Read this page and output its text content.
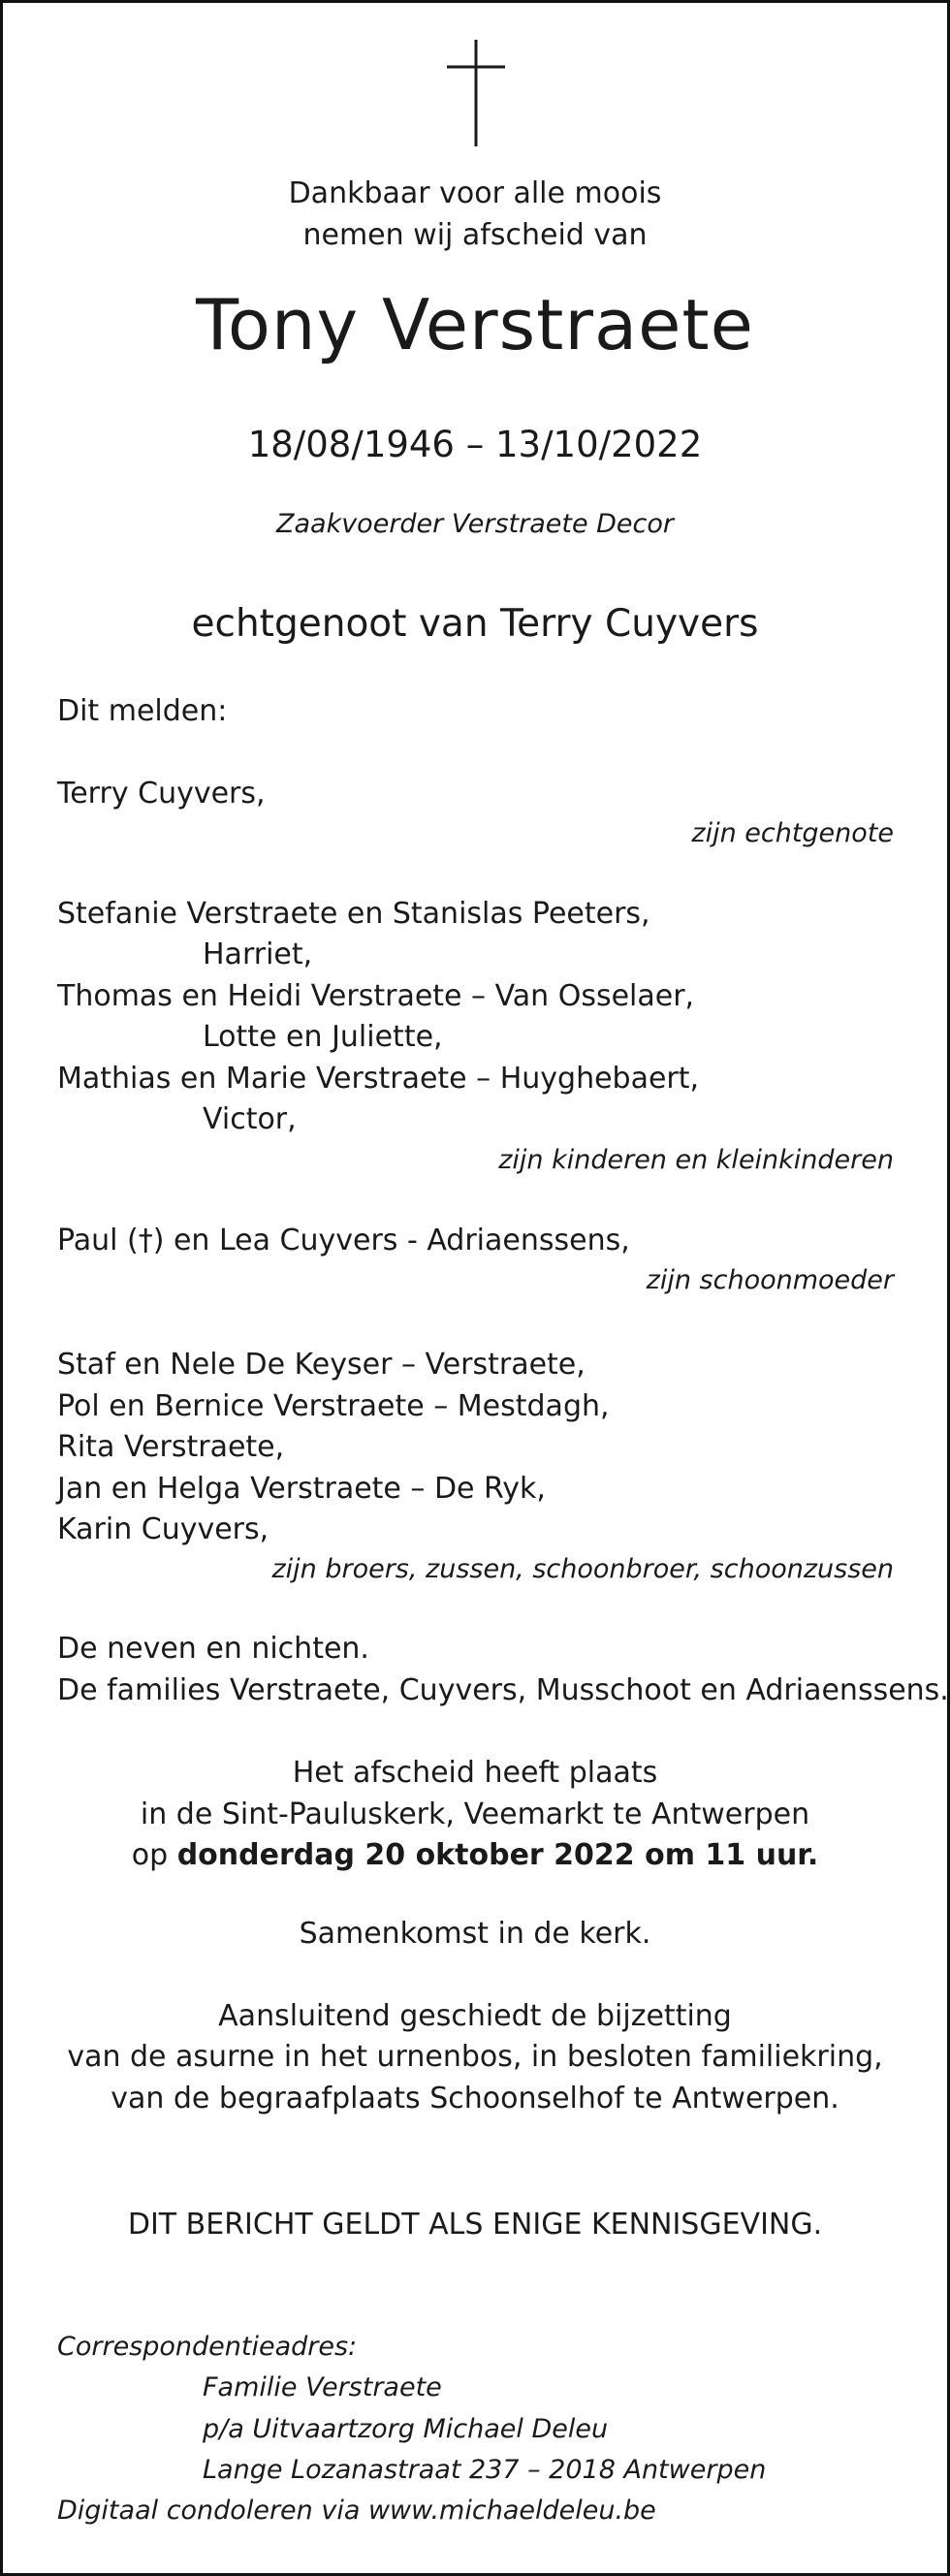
Dankbaar voor alle moois
nemen wij afscheid van
Tony Verstraete
18/08/1946 – 13/10/2022
Zaakvoerder Verstraete Decor
echtgenoot van Terry Cuyvers
Dit melden:
Terry Cuyvers,
zijn echtgenote
Stefanie Verstraete en Stanislas Peeters,
Harriet,
Thomas en Heidi Verstraete – Van Osselaer,
Lotte en Juliette,
Mathias en Marie Verstraete – Huyghebaert,
Victor,
zijn kinderen en kleinkinderen
Paul (†) en Lea Cuyvers - Adriaenssens,
zijn schoonmoeder
Staf en Nele De Keyser – Verstraete,
Pol en Bernice Verstraete – Mestdagh,
Rita Verstraete,
Jan en Helga Verstraete – De Ryk,
Karin Cuyvers,
zijn broers, zussen, schoonbroer, schoonzussen
De neven en nichten.
De families Verstraete, Cuyvers, Musschoot en Adriaenssens.
Het afscheid heeft plaats
in de Sint-Pauluskerk, Veemarkt te Antwerpen
op donderdag 20 oktober 2022 om 11 uur.
Samenkomst in de kerk.
Aansluitend geschiedt de bijzetting
van de asurne in het urnenbos, in besloten familiekring,
van de begraafplaats Schoonselhof te Antwerpen.
DIT BERICHT GELDT ALS ENIGE KENNISGEVING.
Correspondentieadres:
Familie Verstraete
p/a Uitvaartzorg Michael Deleu
Lange Lozanastraat 237 – 2018 Antwerpen
Digitaal condoleren via www.michaeldeleu.be
